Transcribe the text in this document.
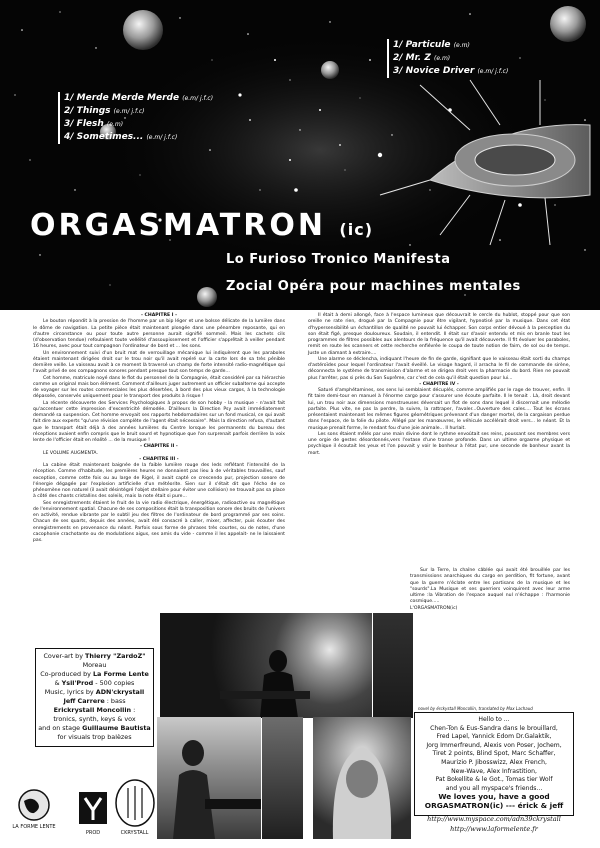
1/ Merde Merde Merde (e.m/ j.f.c)
2/ Things (e.m/ j.f.c)
3/ Flesh (e.m)
4/ Sometimes... (e.m/ j.f.c)
1/ Particule (e.m)
2/ Mr. Z (e.m)
3/ Novice Driver (e.m/ j.f.c)
ORGASMATRON (ic)
Lo Furioso Tronico Manifesta
Zocial Opéra pour machines mentales

- CHAPITRE I -

Le bouton répondit à la pression de l'homme par un bip léger et une bolsse délicate de la lumière dans le dôme de navigation. La petite pièce était maintenant plongée dans une pénombre reposante, qui en d'autre circonstance ou pour toute autre personne aurait signifié sommeil. Mais les cachets cils (d'observation tendue) refoulaient toute velléité d'assoupissement et l'officier s'apprêtait à veiller pendant 16 heures, avec pour tout compagnon l'ordinateur de bord et ... les sons.

Un environnement suivi d'un bruit mat de verrouillage mécanique lui indiquèrent que les paraboles étaient maintenant dirigées droit sur le trou noir qu'il avait repéré sur la carte lors de sa très pénible dernière veille. Le vaisseau avait à ce moment là traversé un champ de forte intensité radio-magnétique qui l'avait privé de ses compagnons sonores pendant presque tout son temps de garde...

Cet homme, matricule noyé dans le flot du personnel de la Compagnie, était considéré par sa hiérarchie comme un original mais bon élément. Comment d'ailleurs juger autrement un officier subalterne qui accepte de voyager sur les routes commerciales les plus désertées, à bord des plus vieux cargos, à la technologie dépassée, conservés uniquement pour le transport des produits à risque !

La récente découverte des Services Psychologiques à propos de son hobby - la musique - n'avait fait qu'accentuer cette impression d'excentricité démodée. D'ailleurs la Direction Psy avait immédiatement demandé sa suspension. Cet homme envoyait ses rapports hebdomadaires sur un fond musical, ce qui avait fait dire aux experts "qu'une révision complète de l'agent était nécessaire". Mais la direction refusa, d'autant que le transport était déjà à des années lumières du Centre lorsque les permanents du bureau des réceptions avaient enfin compris que le bruit sourd et hypnotique que l'on surprenait parfois derrière la voix lente de l'officier était en réalité ... de la musique !

- CHAPITRE II -

LE VOLUME AUGMENTA.

- CHAPITRE III -

La cabine était maintenant baignée de la faible lumière rouge des leds reflétant l'intensité de la réception. Comme d'habitude, les premières heures ne donnaient pas lieu à de véritables trouvailles, sauf exception, comme cette fois ou au large de Rigel, il avait capté ce crescendo pur, projection sonore de l'énergie dégagée par l'explosion artificielle d'un météorite. Sien sur il s'était dit que l'écho de ce phénomène non naturel (il avait désintégré l'objet stellaire pour éviter une collision) ne trouvait pas sa place à côté des chants cristallins des soleils, mais la note était si pure...

Ses enregistrements étaient le fruit de la vie radio électrique, énergétique, radioactive ou magnétique de l'environnement spatial. Chacune de ses compositions était la transposition sonore des bruits de l'univers en activité, rendue vibrante par le subtil jeu des filtres de l'ordinateur de bord programmé par ses soins. Chacun de ses quarts, depuis des années, avait été consacré à caller, mixer, affecter, puis écouter des enregistrements en provenance du néant. Parfois sous forme de phrases très courtes, ou de notes, d'une cacophonie crachotante ou de modulations aigus, ses amis du vide - comme il les appelait- ne le laissaient pas.

Il était à demi allongé, face à l'espace lumineux que découvrait le cercle du hublot, stoppé pour que son oreille ne rate rien, drogué par la Compagnie pour être vigilant, hypnotisé par la musique. Dans cet état d'hypersensibilité un échantillon de qualité ne pouvait lui échapper. Son corps entier dévoué à la perception du son était figé, presque douloureux. Soudain, il entendit. Il était sur d'avoir entendu et mis en branle tout les programmes de filtres possibles aux alentours de la fréquence qu'il avait découverte. Il fit évoluer les paraboles, remit en route les scanners et cette recherche enfiévrée le coupa de toute notion de faim, de sol ou de temps. Juste un diamant à extraire....

Une alarme se déclencha, indiquant l'heure de fin de garde, signifiant que le vaisseau était sorti du champs d'astéroïdes pour lequel l'ordinateur l'avait éveillé. Le visage hagard, il arracha le fil de commande de sirène, déconnecta le système de transmission d'alarme et se dirigea droit vers la pharmacie du bord. Rien ne pouvait plus l'arrêter, pas si près du Son Suprême, car c'est de cela qu'il était question pour lui...

- CHAPITRE IV -

Saturé d'amphétamines, ses sens lui semblaient décuplés, comme amplifiés par le rage de trouver, enfin. Il fit taire demi-tour en manuel à l'énorme cargo pour s'assurer une écoute parfaite. Il le tenait . Là, droit devant lui, un trou noir aux dimensions monstrueuses déversait un flot de sons dans lequel il discernait une mélodie parfaite. Plus vite, ne pas la perdre, la suivre, la rattraper, l'avaler...Ouverture des cales.... Tout les écrans présentaient maintenant les mêmes figures géométriques prévenant d'un danger mortel, de la cargaison perdue dans l'espace, de la folie du pilote. Allégé par les manœuvres, le véhicule accélérait droit vers... le néant. Et la musique prenait forme, le rendant fou d'une joie animale... Il hurlait.

Les sons étaient mêlés par une main divine dont le rythme envoûtait ses reins, poussant ses membres vers une orgie de gestes désordonnés,vers l'extase d'une transe profonde. Dans un ultime orgasme physique et psychique il écoutait les yeux et l'on pouvait y voir le bonheur à l'état pur, une seconde de bonheur avant la mort.

Sur la Terre, la chaîne câblée qui avait été brouillée par les transmissions anarchiques du cargo en perdition, fit fortune, avant que la guerre n'éclate entre les partisans de la musique et les "sourds".La Musique et ses guerriers voinquirent avec leur arme ultime :la Vibration de l'espace auquel nul n'échappe : l'harmonie cosmique.....

L'ORGASMATRON(ic)

novel by érckystall Moncollin, translated by Max Lachaud
Cover-art by Thierry "ZardoZ" Moreau
Co-produced by La Forme Lente
& Ysil'Prod - 500 copies
Music, lyrics by ADN'ckrystall
Jeff Carrere : bass
Erickrystall Moncollin :
tronics, synth, keys & vox
and on stage Guillaume Bautista
for visuals trop balèzes
LA FORME LENTE
PROD	CKRYSTALL
Hello to ...
Chen-Ton & Eus-Sandra dans le brouillard,
Fred Lapel, Yannick Edom Dr.Galaktik,
Jorg Immerfreund, Alexis von Poser, Jochem,
Tiret 2 points, Blind Spot, Marc Schaffer,
Maurizio P. Jibosswizz, Alex French,
New-Wave, Alex Infrastition,
Pat Bokellite & le Got., Tomas tier Wolf
and you all myspace's friends...
We loves you, have a good
ORGASMATRON(ic) --- érick & jeff
http://www.myspace.com/adn39ckrystall
http://www.laformelente.fr
